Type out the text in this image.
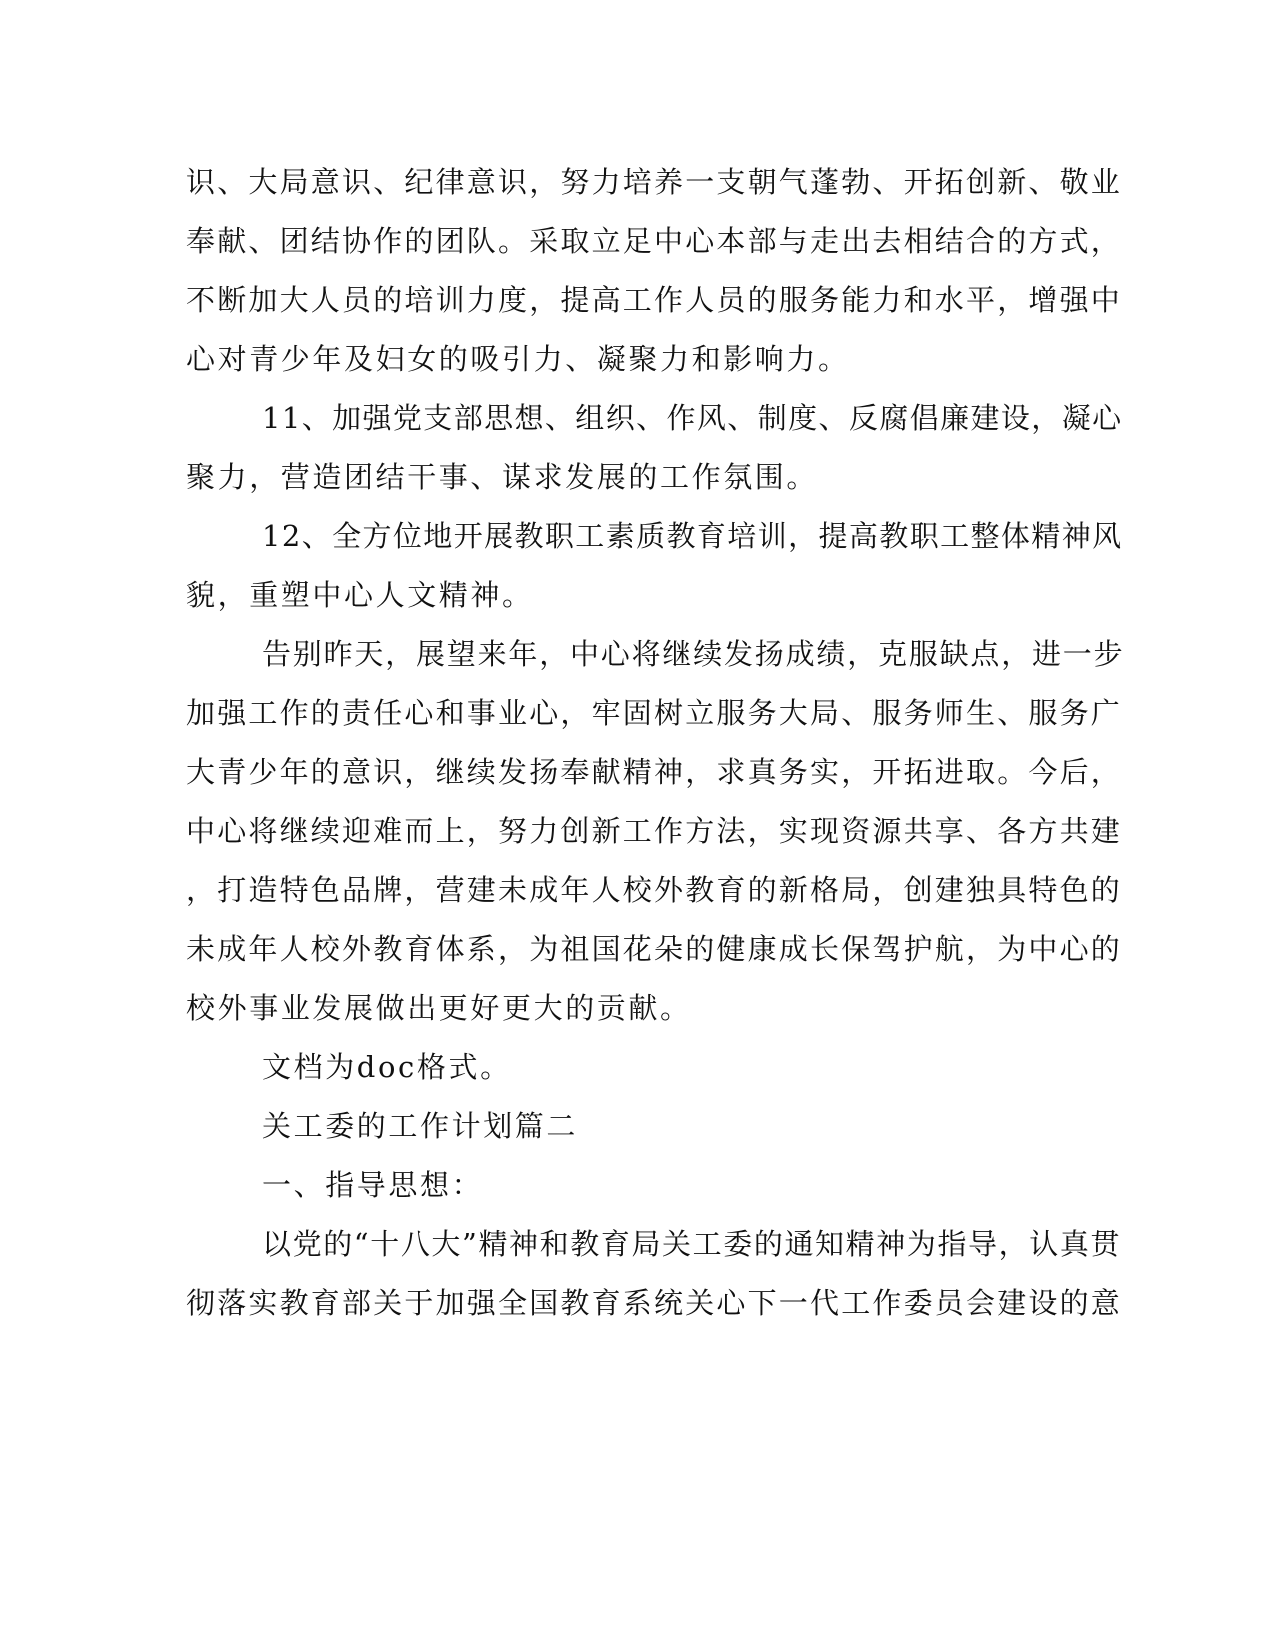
识、大局意识、纪律意识，努力培养一支朝气蓬勃、开拓创新、敬业
奉献、团结协作的团队。采取立足中心本部与走出去相结合的方式，
不断加大人员的培训力度，提高工作人员的服务能力和水平，增强中
心对青少年及妇女的吸引力、凝聚力和影响力。
11、加强党支部思想、组织、作风、制度、反腐倡廉建设，凝心
聚力，营造团结干事、谋求发展的工作氛围。
12、全方位地开展教职工素质教育培训，提高教职工整体精神风
貌，重塑中心人文精神。
告别昨天，展望来年，中心将继续发扬成绩，克服缺点，进一步
加强工作的责任心和事业心，牢固树立服务大局、服务师生、服务广
大青少年的意识，继续发扬奉献精神，求真务实，开拓进取。今后，
中心将继续迎难而上，努力创新工作方法，实现资源共享、各方共建
，打造特色品牌，营建未成年人校外教育的新格局，创建独具特色的
未成年人校外教育体系，为祖国花朵的健康成长保驾护航，为中心的
校外事业发展做出更好更大的贡献。
文档为doc格式。
关工委的工作计划篇二
一、指导思想：
以党的“十八大”精神和教育局关工委的通知精神为指导，认真贯
彻落实教育部关于加强全国教育系统关心下一代工作委员会建设的意
